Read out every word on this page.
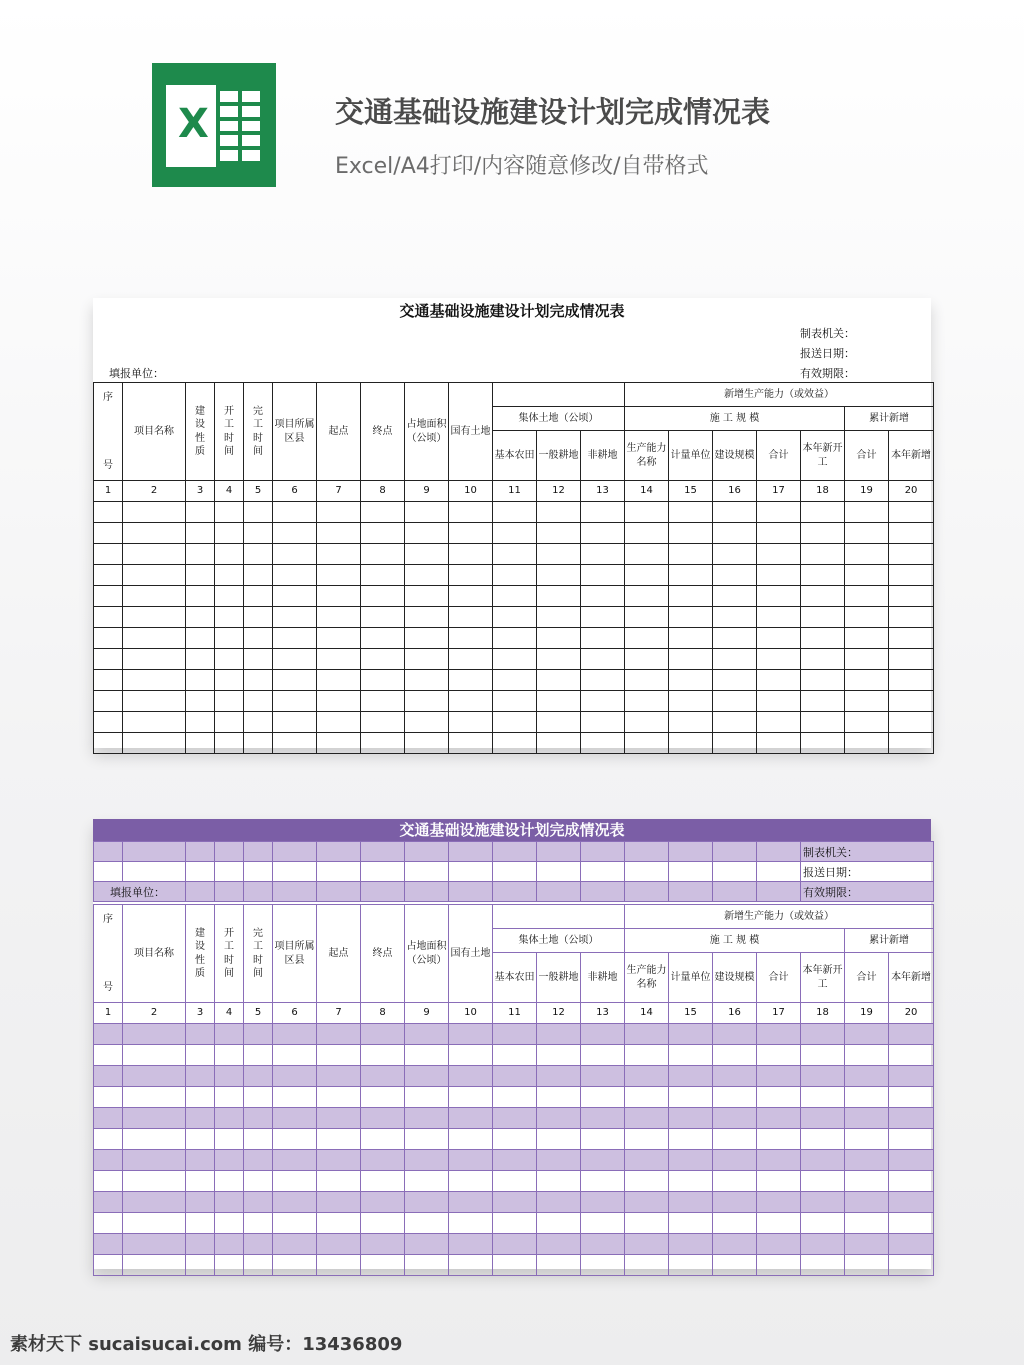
X	交通基础设施建设计划完成情况表
Excel/A4打印/内容随意修改/自带格式
交通基础设施建设计划完成情况表
制表机关：
报送日期：
有效期限：
填报单位：
序
号	项目名称	建设性质	开工时间	完工时间	项目所属区县	起点	终点	占地面积（公顷）	国有土地				新增生产能力（或效益）						
										集体土地（公顷）			施 工 规 模					累计新增	
										基本农田	一般耕地	非耕地	生产能力名称	计量单位	建设规模	合计	本年新开工	合计	本年新增
1	2	3	4	5	6	7	8	9	10	11	12	13	14	15	16	17	18	19	20

交通基础设施建设计划完成情况表
																	制表机关：
																	报送日期：
填报单位：																	有效期限：
序
号	项目名称	建设性质	开工时间	完工时间	项目所属区县	起点	终点	占地面积（公顷）	国有土地				新增生产能力（或效益）						
										集体土地（公顷）			施 工 规 模					累计新增	
										基本农田	一般耕地	非耕地	生产能力名称	计量单位	建设规模	合计	本年新开工	合计	本年新增
1	2	3	4	5	6	7	8	9	10	11	12	13	14	15	16	17	18	19	20

素材天下 sucaisucai.com 编号：13436809
